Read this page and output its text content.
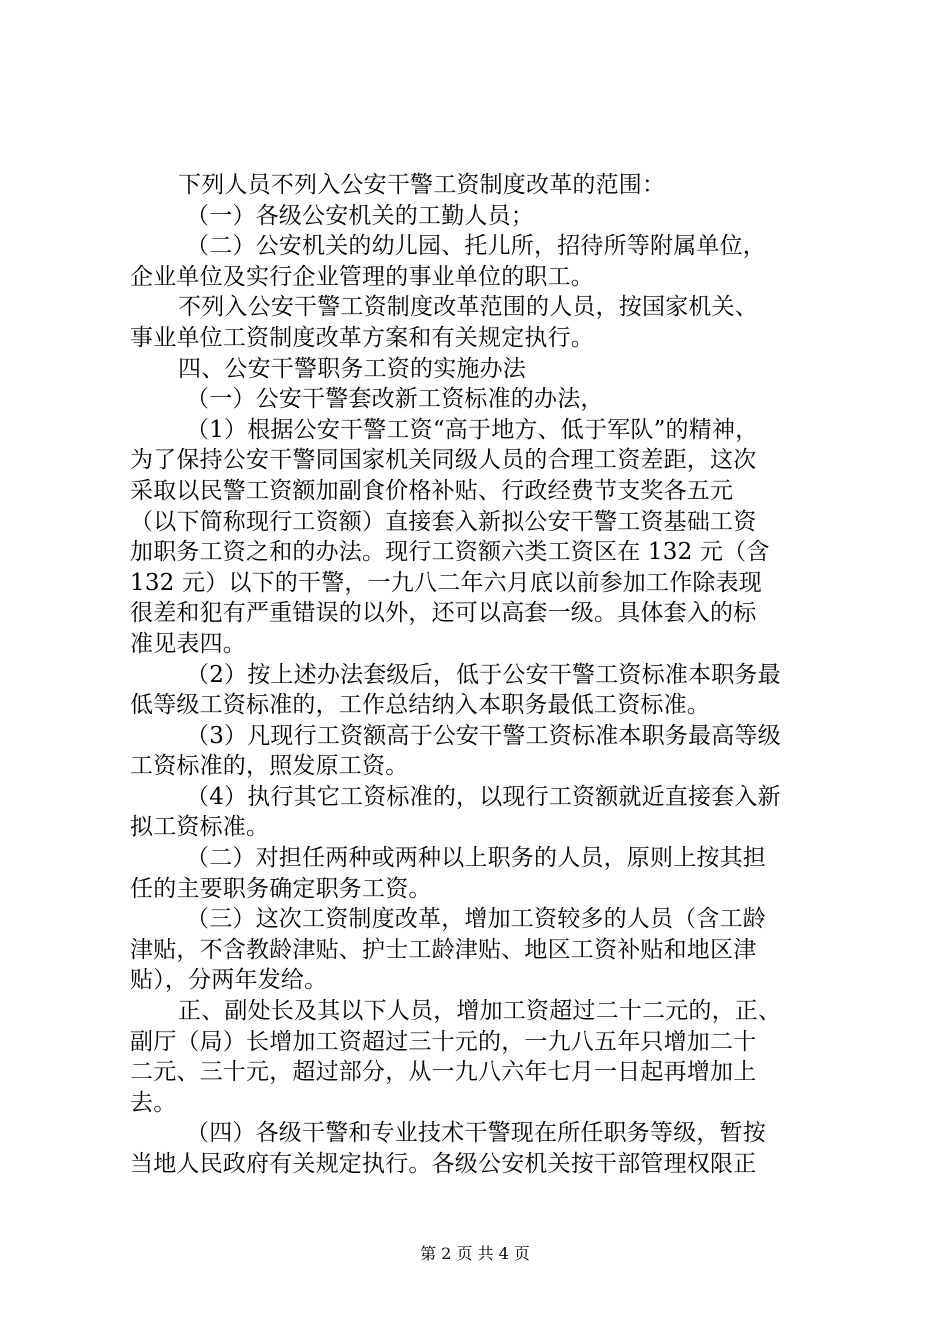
下列人员不列入公安干警工资制度改革的范围：
（一）各级公安机关的工勤人员；
（二）公安机关的幼儿园、托儿所，招待所等附属单位，
企业单位及实行企业管理的事业单位的职工。
不列入公安干警工资制度改革范围的人员，按国家机关、
事业单位工资制度改革方案和有关规定执行。
四、公安干警职务工资的实施办法
（一）公安干警套改新工资标准的办法，
（1）根据公安干警工资“高于地方、低于军队”的精神，
为了保持公安干警同国家机关同级人员的合理工资差距，这次
采取以民警工资额加副食价格补贴、行政经费节支奖各五元
（以下简称现行工资额）直接套入新拟公安干警工资基础工资
加职务工资之和的办法。现行工资额六类工资区在 132 元（含
132 元）以下的干警，一九八二年六月底以前参加工作除表现
很差和犯有严重错误的以外，还可以高套一级。具体套入的标
准见表四。
（2）按上述办法套级后，低于公安干警工资标准本职务最
低等级工资标准的，工作总结纳入本职务最低工资标准。
（3）凡现行工资额高于公安干警工资标准本职务最高等级
工资标准的，照发原工资。
（4）执行其它工资标准的，以现行工资额就近直接套入新
拟工资标准。
（二）对担任两种或两种以上职务的人员，原则上按其担
任的主要职务确定职务工资。
（三）这次工资制度改革，增加工资较多的人员（含工龄
津贴，不含教龄津贴、护士工龄津贴、地区工资补贴和地区津
贴），分两年发给。
正、副处长及其以下人员，增加工资超过二十二元的，正、
副厅（局）长增加工资超过三十元的，一九八五年只增加二十
二元、三十元，超过部分，从一九八六年七月一日起再增加上
去。
（四）各级干警和专业技术干警现在所任职务等级，暂按
当地人民政府有关规定执行。各级公安机关按干部管理权限正
第 2 页 共 4 页
